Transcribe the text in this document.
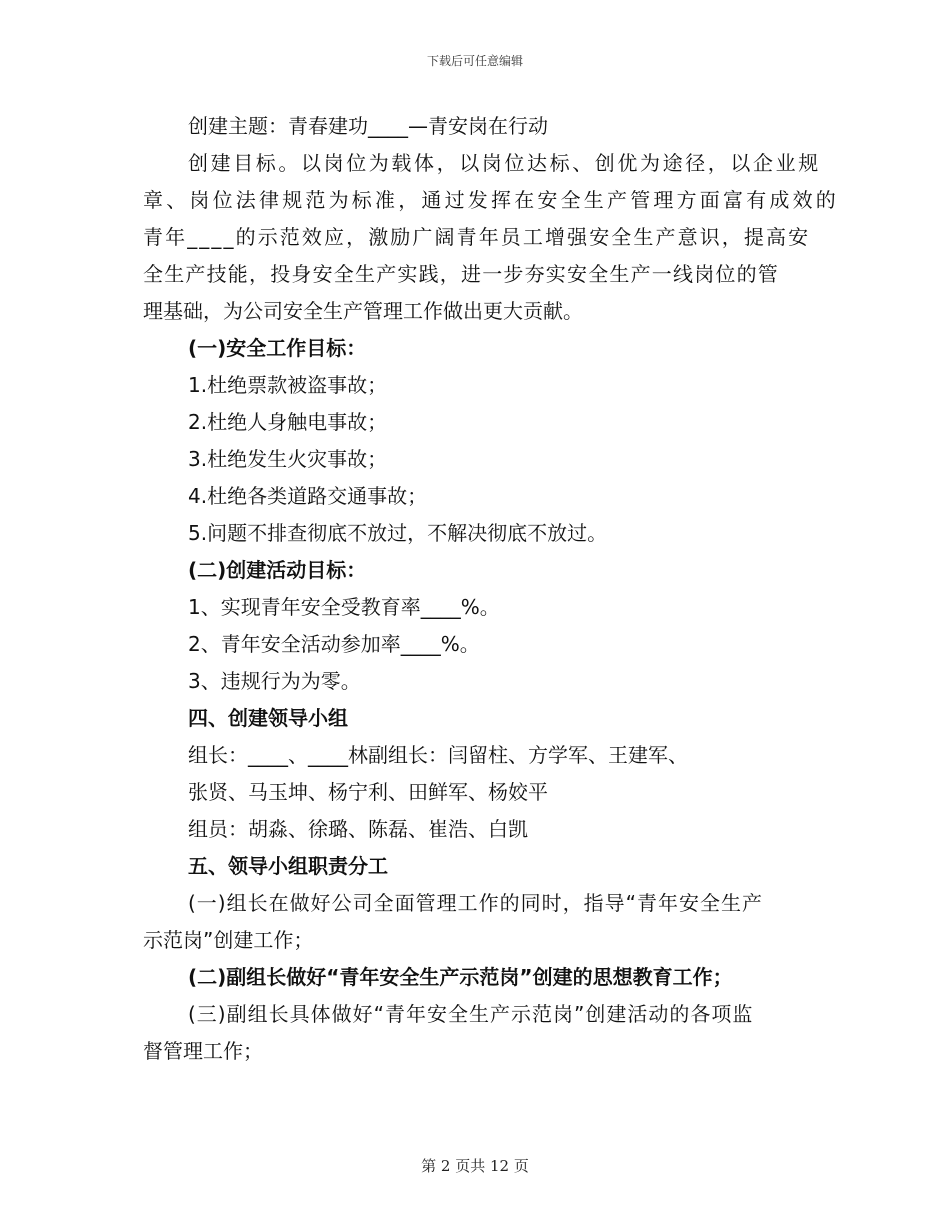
下载后可任意编辑
创建主题：青春建功____—青安岗在行动
创建目标。以岗位为载体，以岗位达标、创优为途径，以企业规
章、岗位法律规范为标准，通过发挥在安全生产管理方面富有成效的
青年____的示范效应，激励广阔青年员工增强安全生产意识，提高安
全生产技能，投身安全生产实践，进一步夯实安全生产一线岗位的管
理基础，为公司安全生产管理工作做出更大贡献。
(一)安全工作目标：
1.杜绝票款被盗事故；
2.杜绝人身触电事故；
3.杜绝发生火灾事故；
4.杜绝各类道路交通事故；
5.问题不排查彻底不放过，不解决彻底不放过。
(二)创建活动目标：
1、实现青年安全受教育率____%。
2、青年安全活动参加率____%。
3、违规行为为零。
四、创建领导小组
组长：____、____林副组长：闫留柱、方学军、王建军、
张贤、马玉坤、杨宁利、田鲜军、杨姣平
组员：胡淼、徐璐、陈磊、崔浩、白凯
五、领导小组职责分工
(一)组长在做好公司全面管理工作的同时，指导“青年安全生产
示范岗”创建工作；
(二)副组长做好“青年安全生产示范岗”创建的思想教育工作；
(三)副组长具体做好“青年安全生产示范岗”创建活动的各项监
督管理工作；
第 2 页共 12 页
